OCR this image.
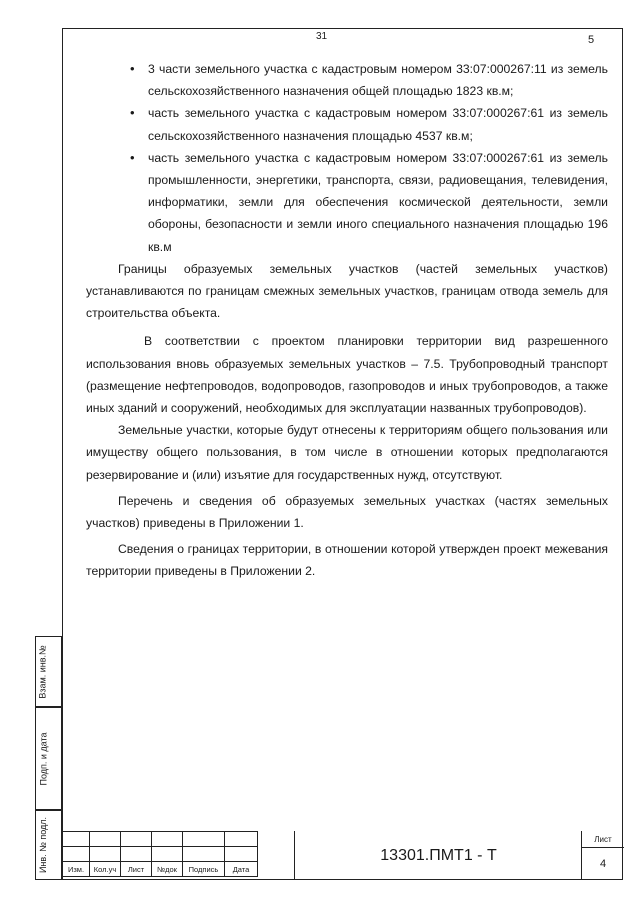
31	5
•	3 части земельного участка с кадастровым номером 33:07:000267:11 из земель сельскохозяйственного назначения общей площадью 1823 кв.м;

•	часть земельного участка с кадастровым номером 33:07:000267:61 из земель сельскохозяйственного назначения площадью 4537 кв.м;

•	часть земельного участка с кадастровым номером 33:07:000267:61 из земель промышленности, энергетики, транспорта, связи, радиовещания, телевидения, информатики, земли для обеспечения космической деятельности, земли обороны, безопасности и земли иного специального назначения площадью 196 кв.м

Границы образуемых земельных участков (частей земельных участков) устанавливаются по границам смежных земельных участков, границам отвода земель для строительства объекта.

В соответствии с проектом планировки территории вид разрешенного использования вновь образуемых земельных участков – 7.5. Трубопроводный транспорт (размещение нефтепроводов, водопроводов, газопроводов и иных трубопроводов, а также иных зданий и сооружений, необходимых для эксплуатации названных трубопроводов).

Земельные участки, которые будут отнесены к территориям общего пользования или имуществу общего пользования, в том числе в отношении которых предполагаются резервирование и (или) изъятие для государственных нужд, отсутствуют.

Перечень и сведения об образуемых земельных участках (частях земельных участков) приведены в Приложении 1.

Сведения о границах территории, в отношении которой утвержден проект межевания территории приведены в Приложении 2.

Взам. инв.№
Подп. и дата
Инв. № подл.

						Изм.	Кол.уч	Лист	№док	Подпись	Дата
13301.ПМТ1 - Т
Лист
4
